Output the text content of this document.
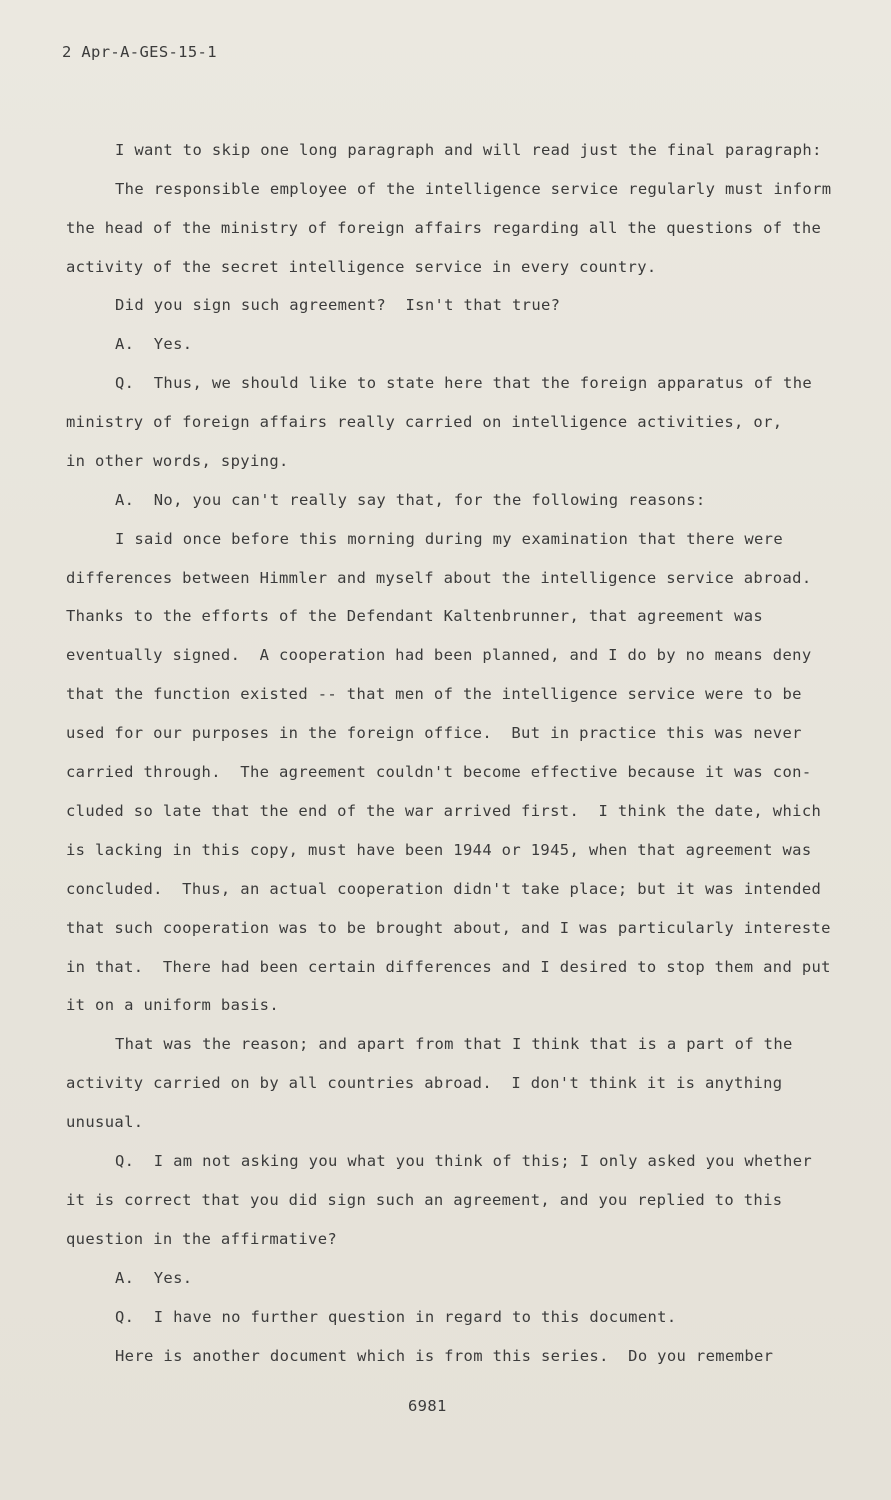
2 Apr-A-GES-15-1
I want to skip one long paragraph and will read just the final paragraph:
The responsible employee of the intelligence service regularly must inform
the head of the ministry of foreign affairs regarding all the questions of the
activity of the secret intelligence service in every country.
Did you sign such agreement?  Isn't that true?
A.  Yes.
Q.  Thus, we should like to state here that the foreign apparatus of the
ministry of foreign affairs really carried on intelligence activities, or,
in other words, spying.
A.  No, you can't really say that, for the following reasons:
I said once before this morning during my examination that there were
differences between Himmler and myself about the intelligence service abroad.
Thanks to the efforts of the Defendant Kaltenbrunner, that agreement was
eventually signed.  A cooperation had been planned, and I do by no means deny
that the function existed -- that men of the intelligence service were to be
used for our purposes in the foreign office.  But in practice this was never
carried through.  The agreement couldn't become effective because it was con-
cluded so late that the end of the war arrived first.  I think the date, which
is lacking in this copy, must have been 1944 or 1945, when that agreement was
concluded.  Thus, an actual cooperation didn't take place; but it was intended
that such cooperation was to be brought about, and I was particularly intereste
in that.  There had been certain differences and I desired to stop them and put
it on a uniform basis.
That was the reason; and apart from that I think that is a part of the
activity carried on by all countries abroad.  I don't think it is anything
unusual.
Q.  I am not asking you what you think of this; I only asked you whether
it is correct that you did sign such an agreement, and you replied to this
question in the affirmative?
A.  Yes.
Q.  I have no further question in regard to this document.
Here is another document which is from this series.  Do you remember
6981
